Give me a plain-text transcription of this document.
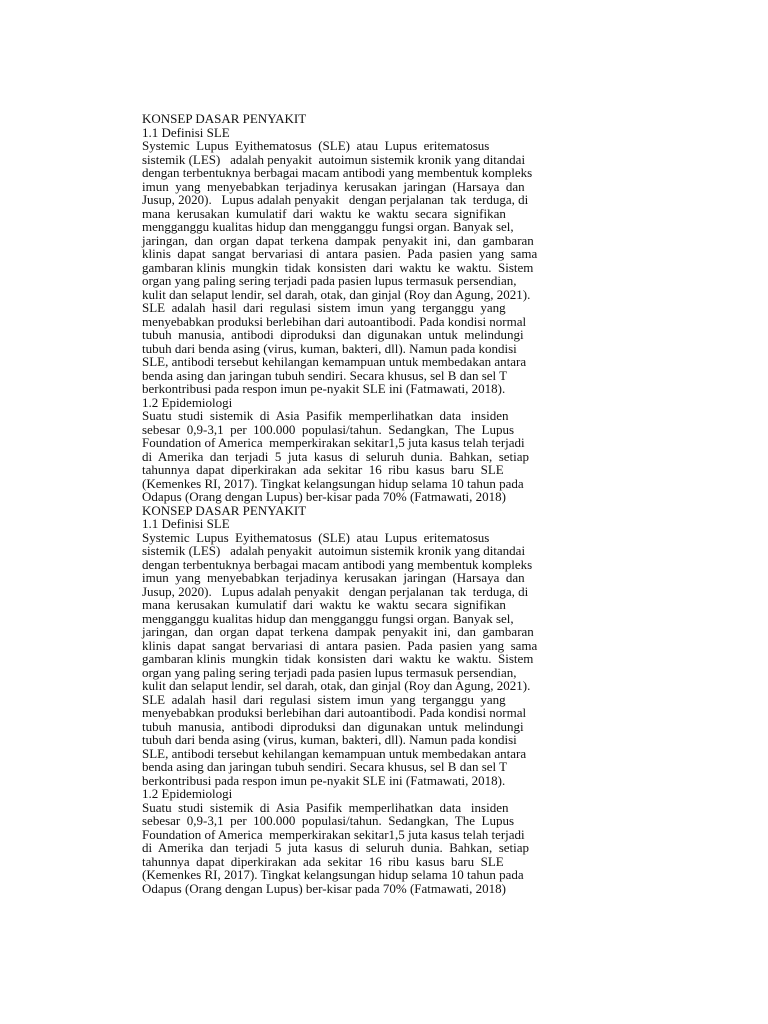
KONSEP DASAR PENYAKIT
1.1 Definisi SLE
Systemic  Lupus  Eyithematosus  (SLE)  atau  Lupus  eritematosus
sistemik (LES)   adalah penyakit  autoimun sistemik kronik yang ditandai
dengan terbentuknya berbagai macam antibodi yang membentuk kompleks
imun  yang  menyebabkan  terjadinya  kerusakan  jaringan  (Harsaya  dan
Jusup, 2020).   Lupus adalah penyakit   dengan perjalanan  tak  terduga, di
mana  kerusakan  kumulatif  dari  waktu  ke  waktu  secara  signifikan
mengganggu kualitas hidup dan mengganggu fungsi organ. Banyak sel,
jaringan,  dan  organ  dapat  terkena  dampak  penyakit  ini,  dan  gambaran
klinis  dapat  sangat  bervariasi  di  antara  pasien.  Pada  pasien  yang  sama
gambaran klinis  mungkin  tidak  konsisten  dari  waktu  ke  waktu.  Sistem
organ yang paling sering terjadi pada pasien lupus termasuk persendian,
kulit dan selaput lendir, sel darah, otak, dan ginjal (Roy dan Agung, 2021).
SLE  adalah  hasil  dari  regulasi  sistem  imun  yang  terganggu  yang
menyebabkan produksi berlebihan dari autoantibodi. Pada kondisi normal
tubuh  manusia,  antibodi  diproduksi  dan  digunakan  untuk  melindungi
tubuh dari benda asing (virus, kuman, bakteri, dll). Namun pada kondisi
SLE, antibodi tersebut kehilangan kemampuan untuk membedakan antara
benda asing dan jaringan tubuh sendiri. Secara khusus, sel B dan sel T
berkontribusi pada respon imun pe-nyakit SLE ini (Fatmawati, 2018).
1.2 Epidemiologi
Suatu  studi  sistemik  di  Asia  Pasifik  memperlihatkan  data   insiden
sebesar  0,9-3,1  per  100.000  populasi/tahun.  Sedangkan,  The  Lupus
Foundation of America  memperkirakan sekitar1,5 juta kasus telah terjadi
di  Amerika  dan  terjadi  5  juta  kasus  di  seluruh  dunia.  Bahkan,  setiap
tahunnya  dapat  diperkirakan  ada  sekitar  16  ribu  kasus  baru  SLE
(Kemenkes RI, 2017). Tingkat kelangsungan hidup selama 10 tahun pada
Odapus (Orang dengan Lupus) ber-kisar pada 70% (Fatmawati, 2018)
KONSEP DASAR PENYAKIT
1.1 Definisi SLE
Systemic  Lupus  Eyithematosus  (SLE)  atau  Lupus  eritematosus
sistemik (LES)   adalah penyakit  autoimun sistemik kronik yang ditandai
dengan terbentuknya berbagai macam antibodi yang membentuk kompleks
imun  yang  menyebabkan  terjadinya  kerusakan  jaringan  (Harsaya  dan
Jusup, 2020).   Lupus adalah penyakit   dengan perjalanan  tak  terduga, di
mana  kerusakan  kumulatif  dari  waktu  ke  waktu  secara  signifikan
mengganggu kualitas hidup dan mengganggu fungsi organ. Banyak sel,
jaringan,  dan  organ  dapat  terkena  dampak  penyakit  ini,  dan  gambaran
klinis  dapat  sangat  bervariasi  di  antara  pasien.  Pada  pasien  yang  sama
gambaran klinis  mungkin  tidak  konsisten  dari  waktu  ke  waktu.  Sistem
organ yang paling sering terjadi pada pasien lupus termasuk persendian,
kulit dan selaput lendir, sel darah, otak, dan ginjal (Roy dan Agung, 2021).
SLE  adalah  hasil  dari  regulasi  sistem  imun  yang  terganggu  yang
menyebabkan produksi berlebihan dari autoantibodi. Pada kondisi normal
tubuh  manusia,  antibodi  diproduksi  dan  digunakan  untuk  melindungi
tubuh dari benda asing (virus, kuman, bakteri, dll). Namun pada kondisi
SLE, antibodi tersebut kehilangan kemampuan untuk membedakan antara
benda asing dan jaringan tubuh sendiri. Secara khusus, sel B dan sel T
berkontribusi pada respon imun pe-nyakit SLE ini (Fatmawati, 2018).
1.2 Epidemiologi
Suatu  studi  sistemik  di  Asia  Pasifik  memperlihatkan  data   insiden
sebesar  0,9-3,1  per  100.000  populasi/tahun.  Sedangkan,  The  Lupus
Foundation of America  memperkirakan sekitar1,5 juta kasus telah terjadi
di  Amerika  dan  terjadi  5  juta  kasus  di  seluruh  dunia.  Bahkan,  setiap
tahunnya  dapat  diperkirakan  ada  sekitar  16  ribu  kasus  baru  SLE
(Kemenkes RI, 2017). Tingkat kelangsungan hidup selama 10 tahun pada
Odapus (Orang dengan Lupus) ber-kisar pada 70% (Fatmawati, 2018)
